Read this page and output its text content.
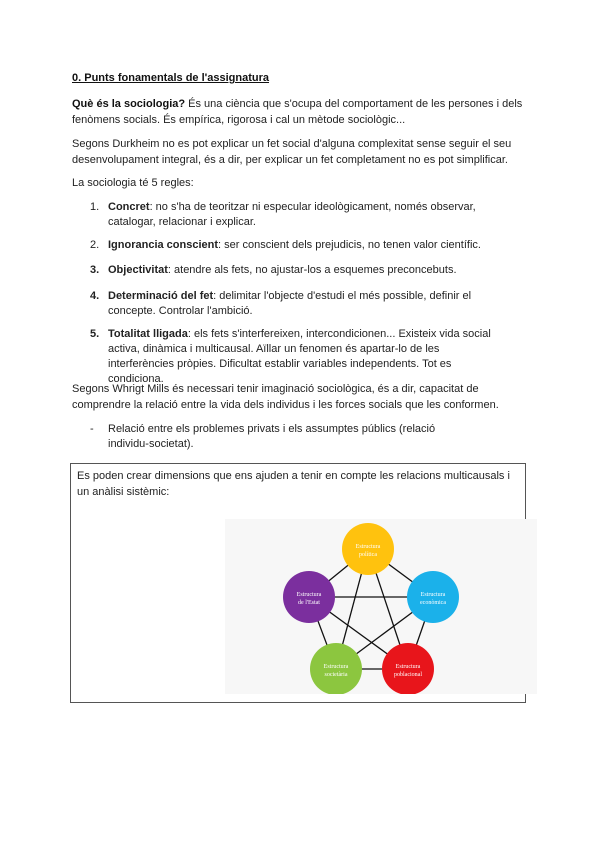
0. Punts fonamentals de l'assignatura
Què és la sociologia? És una ciència que s'ocupa del comportament de les persones i dels fenòmens socials. És empírica, rigorosa i cal un mètode sociològic...
Segons Durkheim no es pot explicar un fet social d'alguna complexitat sense seguir el seu desenvolupament integral, és a dir, per explicar un fet completament no es pot simplificar.
La sociologia té 5 regles:
1. Concret: no s'ha de teoritzar ni especular ideològicament, només observar, catalogar, relacionar i explicar.
2. Ignorancia conscient: ser conscient dels prejudicis, no tenen valor científic.
3. Objectivitat: atendre als fets, no ajustar-los a esquemes preconcebuts.
4. Determinació del fet: delimitar l'objecte d'estudi el més possible, definir el concepte. Controlar l'ambició.
5. Totalitat lligada: els fets s'interfereixen, intercondicionen... Existeix vida social activa, dinàmica i multicausal. Aïllar un fenomen és apartar-lo de les interferències pròpies. Dificultat establir variables independents. Tot es condiciona.
Segons Whrigt Mills és necessari tenir imaginació sociològica, és a dir, capacitat de comprendre la relació entre la vida dels individus i les forces socials que les conformen.
-	Relació entre els problemes privats i els assumptes públics (relació individu-societat).
Es poden crear dimensions que ens ajuden a tenir en compte les relacions multicausals i un anàlisi sistèmic:
Estructura
política
Estructura
econòmica
Estructura
poblacional
Estructura
societària
Estructura
de l'Estat
